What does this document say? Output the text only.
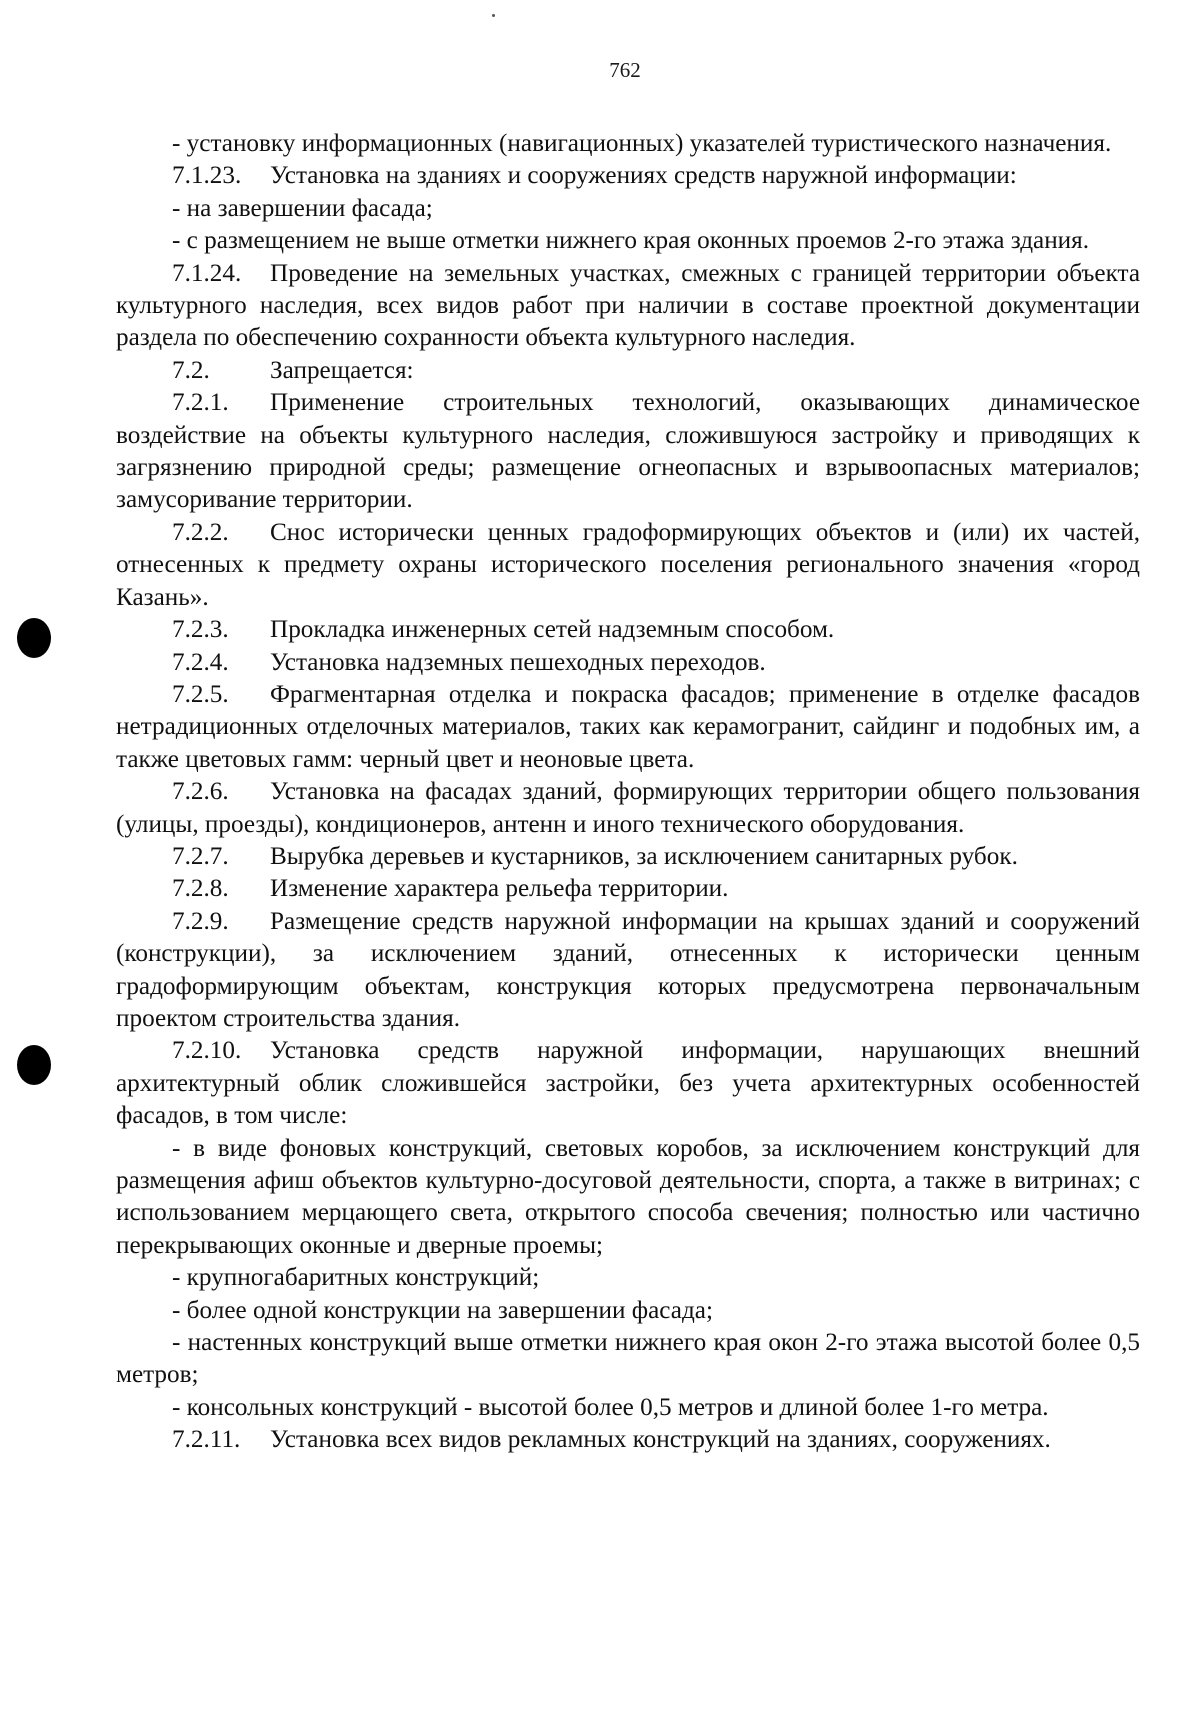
762

- установку информационных (навигационных) указателей туристического назначения.

7.1.23. Установка на зданиях и сооружениях средств наружной информации:

- на завершении фасада;

- с размещением не выше отметки нижнего края оконных проемов 2-го этажа здания.

7.1.24. Проведение на земельных участках, смежных с границей территории объекта культурного наследия, всех видов работ при наличии в составе проектной документации раздела по обеспечению сохранности объекта культурного наследия.

7.2. Запрещается:

7.2.1. Применение строительных технологий, оказывающих динамическое воздействие на объекты культурного наследия, сложившуюся застройку и приводящих к загрязнению природной среды; размещение огнеопасных и взрывоопасных материалов; замусоривание территории.

7.2.2. Снос исторически ценных градоформирующих объектов и (или) их частей, отнесенных к предмету охраны исторического поселения регионального значения «город Казань».

7.2.3. Прокладка инженерных сетей надземным способом.

7.2.4. Установка надземных пешеходных переходов.

7.2.5. Фрагментарная отделка и покраска фасадов; применение в отделке фасадов нетрадиционных отделочных материалов, таких как керамогранит, сайдинг и подобных им, а также цветовых гамм: черный цвет и неоновые цвета.

7.2.6. Установка на фасадах зданий, формирующих территории общего пользования (улицы, проезды), кондиционеров, антенн и иного технического оборудования.

7.2.7. Вырубка деревьев и кустарников, за исключением санитарных рубок.

7.2.8. Изменение характера рельефа территории.

7.2.9. Размещение средств наружной информации на крышах зданий и сооружений (конструкции), за исключением зданий, отнесенных к исторически ценным градоформирующим объектам, конструкция которых предусмотрена первоначальным проектом строительства здания.

7.2.10. Установка средств наружной информации, нарушающих внешний архитектурный облик сложившейся застройки, без учета архитектурных особенностей фасадов, в том числе:

- в виде фоновых конструкций, световых коробов, за исключением конструкций для размещения афиш объектов культурно-досуговой деятельности, спорта, а также в витринах; с использованием мерцающего света, открытого способа свечения; полностью или частично перекрывающих оконные и дверные проемы;

- крупногабаритных конструкций;

- более одной конструкции на завершении фасада;

- настенных конструкций выше отметки нижнего края окон 2-го этажа высотой более 0,5 метров;

- консольных конструкций - высотой более 0,5 метров и длиной более 1-го метра.

7.2.11. Установка всех видов рекламных конструкций на зданиях, сооружениях.
